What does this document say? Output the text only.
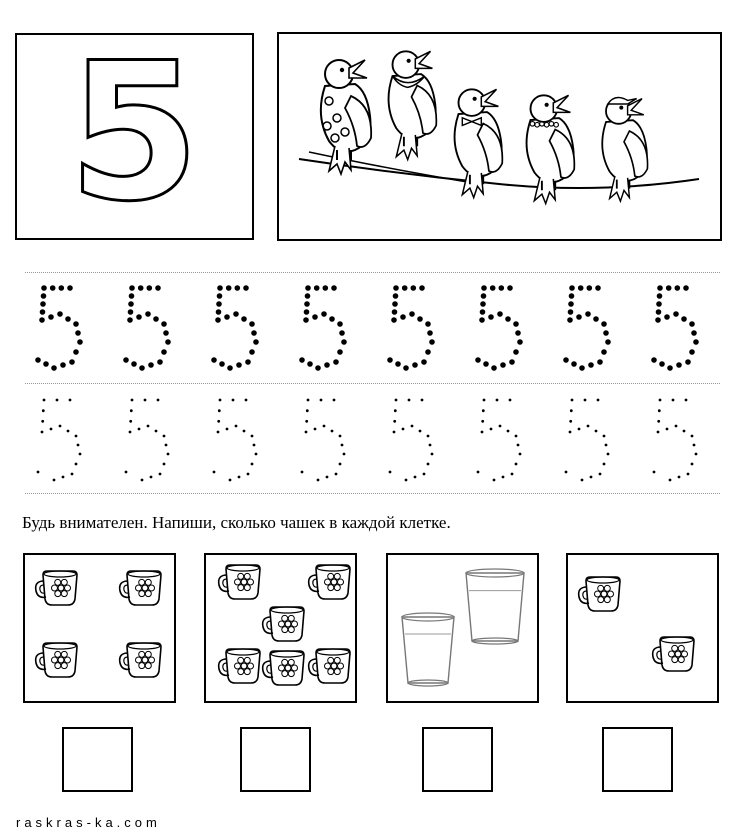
5
Будь внимателен. Напиши, сколько чашек в каждой клетке.
raskras-ka.com
